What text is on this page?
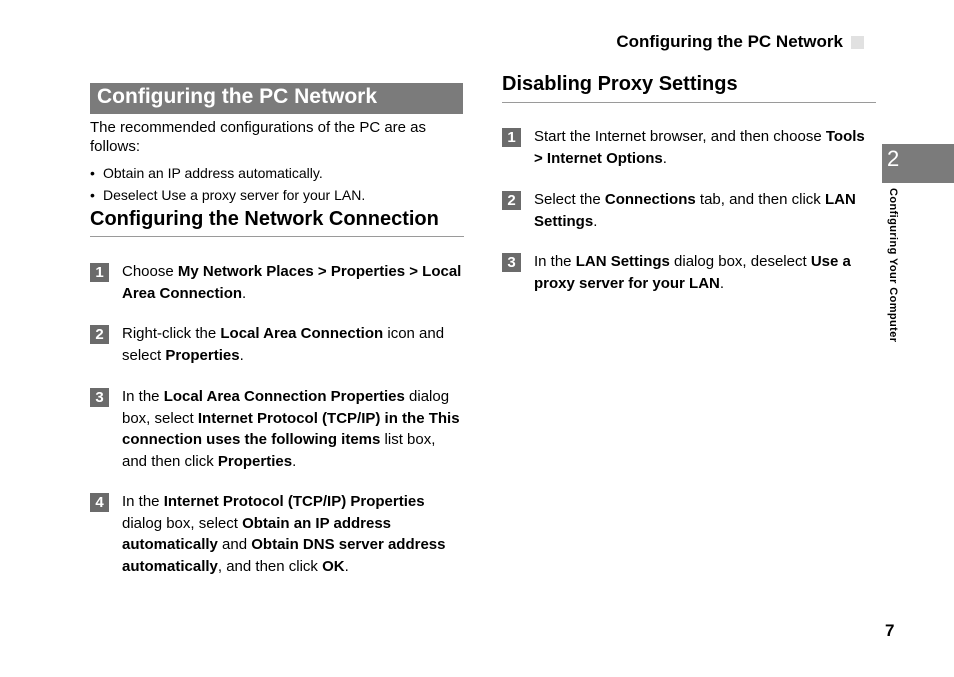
Configuring the PC Network
Configuring the PC Network
The recommended configurations of the PC are as follows:
• Obtain an IP address automatically.
• Deselect Use a proxy server for your LAN.
Configuring the Network Connection
1	Choose My Network Places > Properties > Local Area Connection.
2	Right-click the Local Area Connection icon and select Properties.
3	In the Local Area Connection Properties dialog box, select Internet Protocol (TCP/IP) in the This connection uses the following items list box, and then click Properties.
4	In the Internet Protocol (TCP/IP) Properties dialog box, select Obtain an IP address automatically and Obtain DNS server address automatically, and then click OK.
Disabling Proxy Settings
1	Start the Internet browser, and then choose Tools > Internet Options.
2	Select the Connections tab, and then click LAN Settings.
3	In the LAN Settings dialog box, deselect Use a proxy server for your LAN.
2
Configuring Your Computer
7
